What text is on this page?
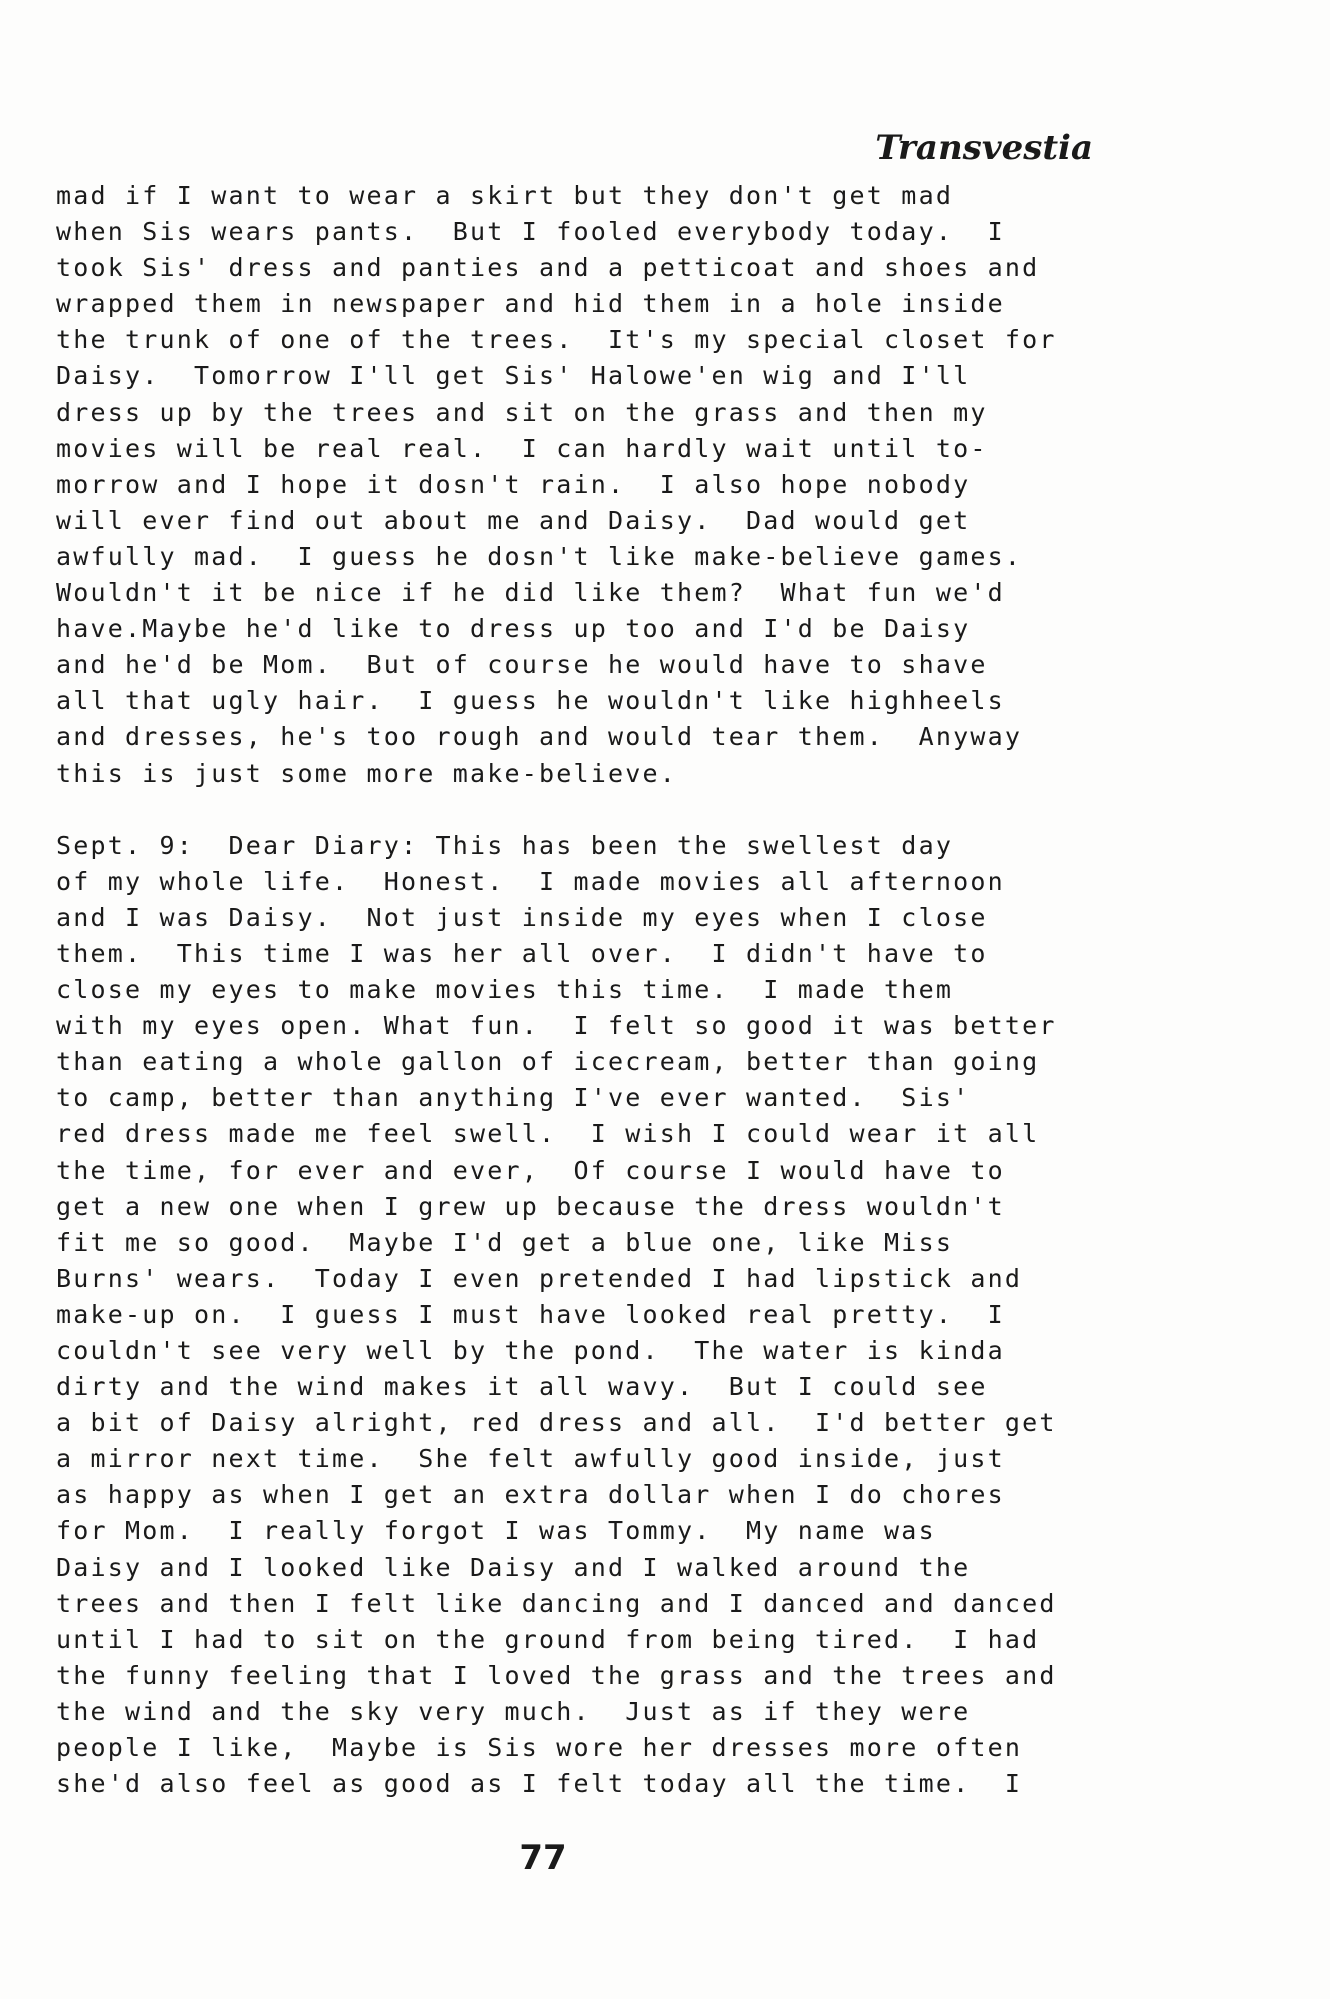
Transvestia
mad if I want to wear a skirt but they don't get mad
when Sis wears pants.  But I fooled everybody today.  I
took Sis' dress and panties and a petticoat and shoes and
wrapped them in newspaper and hid them in a hole inside
the trunk of one of the trees.  It's my special closet for
Daisy.  Tomorrow I'll get Sis' Halowe'en wig and I'll
dress up by the trees and sit on the grass and then my
movies will be real real.  I can hardly wait until to-
morrow and I hope it dosn't rain.  I also hope nobody
will ever find out about me and Daisy.  Dad would get
awfully mad.  I guess he dosn't like make-believe games.
Wouldn't it be nice if he did like them?  What fun we'd
have.Maybe he'd like to dress up too and I'd be Daisy
and he'd be Mom.  But of course he would have to shave
all that ugly hair.  I guess he wouldn't like highheels
and dresses, he's too rough and would tear them.  Anyway
this is just some more make-believe.
Sept. 9:  Dear Diary: This has been the swellest day
of my whole life.  Honest.  I made movies all afternoon
and I was Daisy.  Not just inside my eyes when I close
them.  This time I was her all over.  I didn't have to
close my eyes to make movies this time.  I made them
with my eyes open. What fun.  I felt so good it was better
than eating a whole gallon of icecream, better than going
to camp, better than anything I've ever wanted.  Sis'
red dress made me feel swell.  I wish I could wear it all
the time, for ever and ever,  Of course I would have to
get a new one when I grew up because the dress wouldn't
fit me so good.  Maybe I'd get a blue one, like Miss
Burns' wears.  Today I even pretended I had lipstick and
make-up on.  I guess I must have looked real pretty.  I
couldn't see very well by the pond.  The water is kinda
dirty and the wind makes it all wavy.  But I could see
a bit of Daisy alright, red dress and all.  I'd better get
a mirror next time.  She felt awfully good inside, just
as happy as when I get an extra dollar when I do chores
for Mom.  I really forgot I was Tommy.  My name was
Daisy and I looked like Daisy and I walked around the
trees and then I felt like dancing and I danced and danced
until I had to sit on the ground from being tired.  I had
the funny feeling that I loved the grass and the trees and
the wind and the sky very much.  Just as if they were
people I like,  Maybe is Sis wore her dresses more often
she'd also feel as good as I felt today all the time.  I
77
